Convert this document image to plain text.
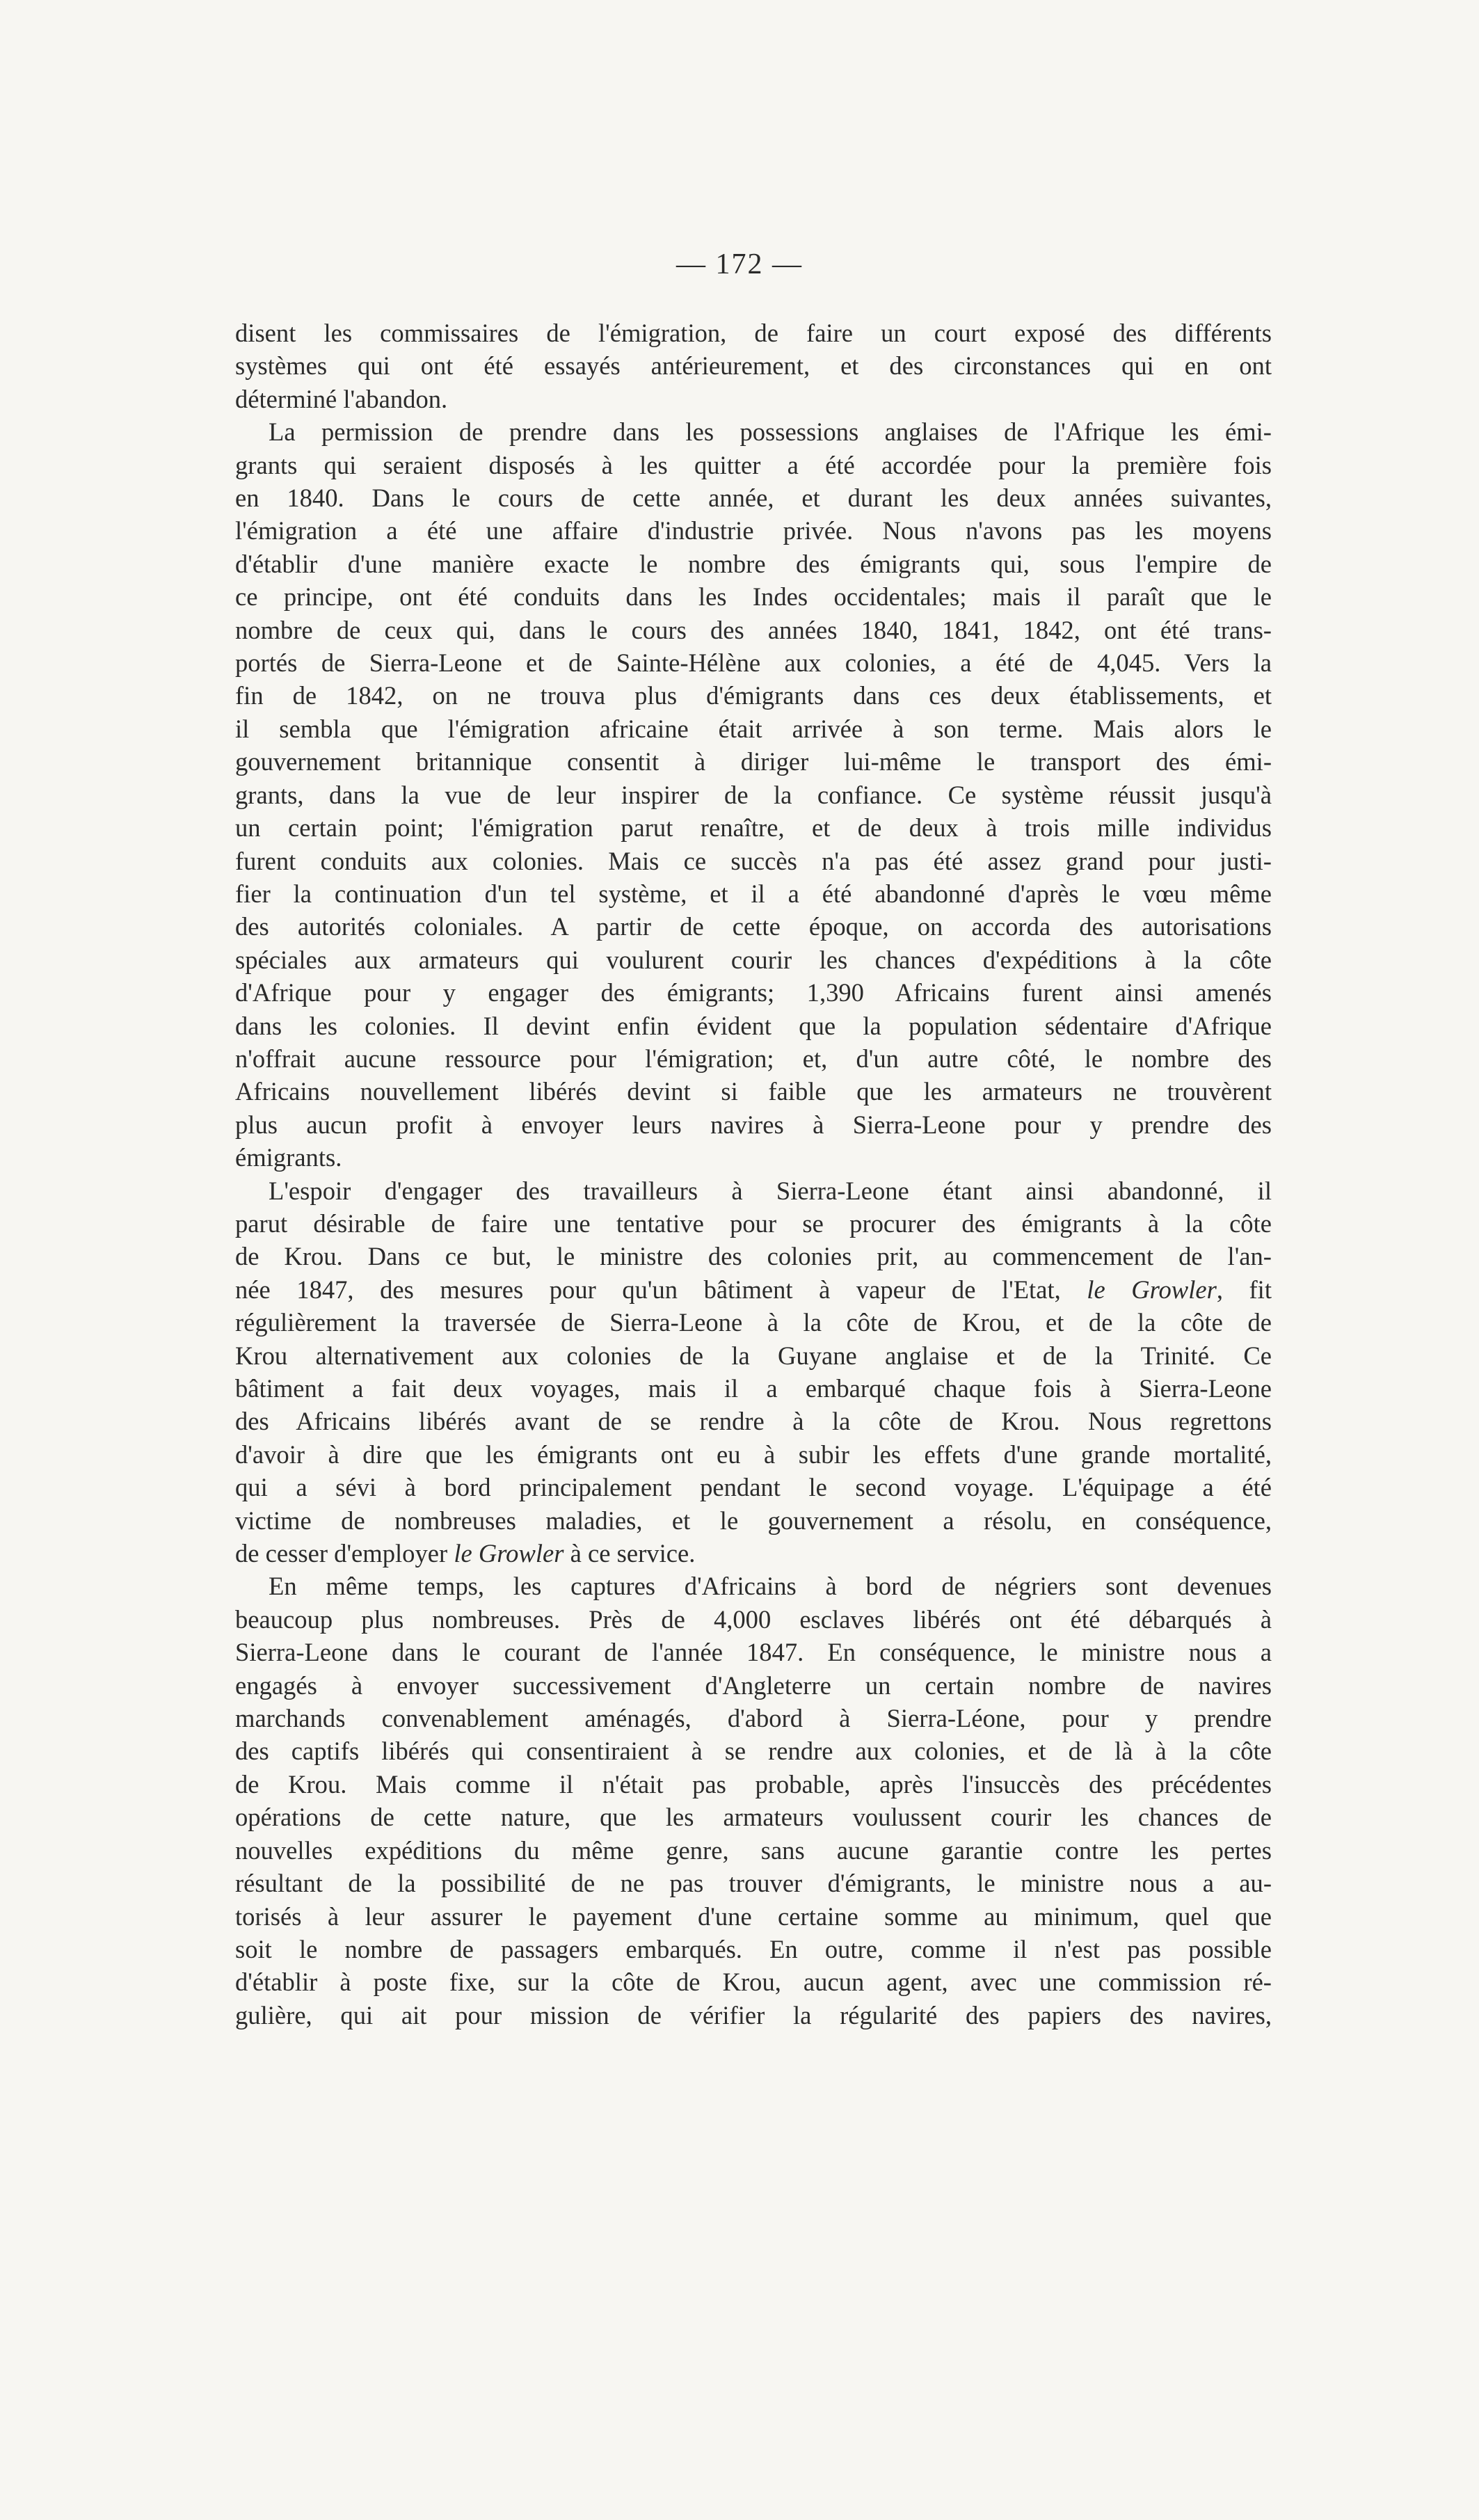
— 172 —
disent les commissaires de l'émigration, de faire un court exposé des différents
systèmes qui ont été essayés antérieurement, et des circonstances qui en ont
déterminé l'abandon.
La permission de prendre dans les possessions anglaises de l'Afrique les émi-
grants qui seraient disposés à les quitter a été accordée pour la première fois
en 1840. Dans le cours de cette année, et durant les deux années suivantes,
l'émigration a été une affaire d'industrie privée. Nous n'avons pas les moyens
d'établir d'une manière exacte le nombre des émigrants qui, sous l'empire de
ce principe, ont été conduits dans les Indes occidentales; mais il paraît que le
nombre de ceux qui, dans le cours des années 1840, 1841, 1842, ont été trans-
portés de Sierra-Leone et de Sainte-Hélène aux colonies, a été de 4,045. Vers la
fin de 1842, on ne trouva plus d'émigrants dans ces deux établissements, et
il sembla que l'émigration africaine était arrivée à son terme. Mais alors le
gouvernement britannique consentit à diriger lui-même le transport des émi-
grants, dans la vue de leur inspirer de la confiance. Ce système réussit jusqu'à
un certain point; l'émigration parut renaître, et de deux à trois mille individus
furent conduits aux colonies. Mais ce succès n'a pas été assez grand pour justi-
fier la continuation d'un tel système, et il a été abandonné d'après le vœu même
des autorités coloniales. A partir de cette époque, on accorda des autorisations
spéciales aux armateurs qui voulurent courir les chances d'expéditions à la côte
d'Afrique pour y engager des émigrants; 1,390 Africains furent ainsi amenés
dans les colonies. Il devint enfin évident que la population sédentaire d'Afrique
n'offrait aucune ressource pour l'émigration; et, d'un autre côté, le nombre des
Africains nouvellement libérés devint si faible que les armateurs ne trouvèrent
plus aucun profit à envoyer leurs navires à Sierra-Leone pour y prendre des
émigrants.
L'espoir d'engager des travailleurs à Sierra-Leone étant ainsi abandonné, il
parut désirable de faire une tentative pour se procurer des émigrants à la côte
de Krou. Dans ce but, le ministre des colonies prit, au commencement de l'an-
née 1847, des mesures pour qu'un bâtiment à vapeur de l'Etat, le Growler, fit
régulièrement la traversée de Sierra-Leone à la côte de Krou, et de la côte de
Krou alternativement aux colonies de la Guyane anglaise et de la Trinité. Ce
bâtiment a fait deux voyages, mais il a embarqué chaque fois à Sierra-Leone
des Africains libérés avant de se rendre à la côte de Krou. Nous regrettons
d'avoir à dire que les émigrants ont eu à subir les effets d'une grande mortalité,
qui a sévi à bord principalement pendant le second voyage. L'équipage a été
victime de nombreuses maladies, et le gouvernement a résolu, en conséquence,
de cesser d'employer le Growler à ce service.
En même temps, les captures d'Africains à bord de négriers sont devenues
beaucoup plus nombreuses. Près de 4,000 esclaves libérés ont été débarqués à
Sierra-Leone dans le courant de l'année 1847. En conséquence, le ministre nous a
engagés à envoyer successivement d'Angleterre un certain nombre de navires
marchands convenablement aménagés, d'abord à Sierra-Léone, pour y prendre
des captifs libérés qui consentiraient à se rendre aux colonies, et de là à la côte
de Krou. Mais comme il n'était pas probable, après l'insuccès des précédentes
opérations de cette nature, que les armateurs voulussent courir les chances de
nouvelles expéditions du même genre, sans aucune garantie contre les pertes
résultant de la possibilité de ne pas trouver d'émigrants, le ministre nous a au-
torisés à leur assurer le payement d'une certaine somme au minimum, quel que
soit le nombre de passagers embarqués. En outre, comme il n'est pas possible
d'établir à poste fixe, sur la côte de Krou, aucun agent, avec une commission ré-
gulière, qui ait pour mission de vérifier la régularité des papiers des navires,
